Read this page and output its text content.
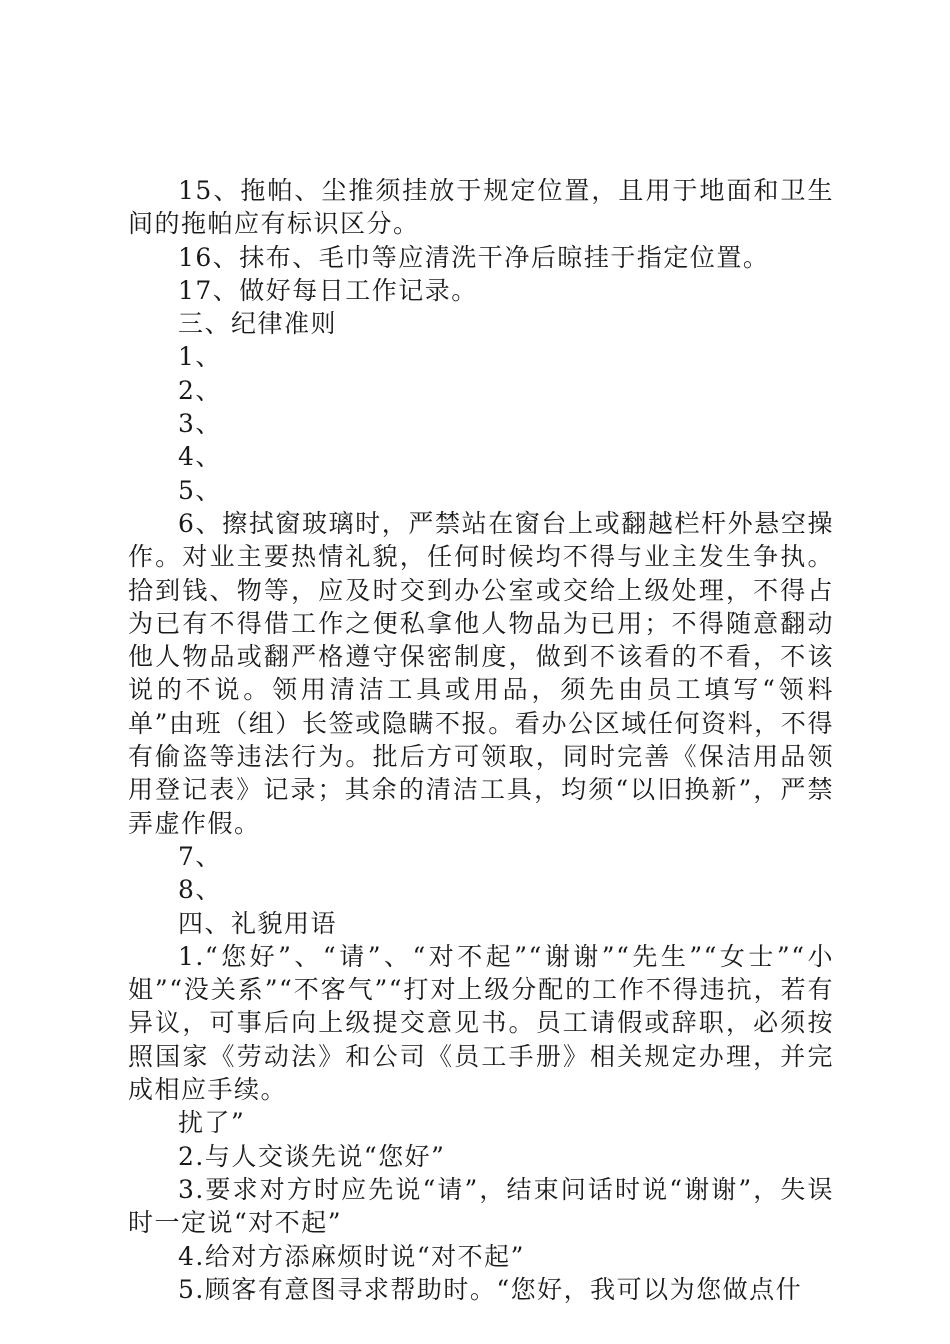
15、拖帕、尘推须挂放于规定位置，且用于地面和卫生间的拖帕应有标识区分。

16、抹布、毛巾等应清洗干净后晾挂于指定位置。

17、做好每日工作记录。

三、纪律准则

1、

2、

3、

4、

5、

6、擦拭窗玻璃时，严禁站在窗台上或翻越栏杆外悬空操作。对业主要热情礼貌，任何时候均不得与业主发生争执。拾到钱、物等，应及时交到办公室或交给上级处理，不得占为已有不得借工作之便私拿他人物品为已用；不得随意翻动他人物品或翻严格遵守保密制度，做到不该看的不看，不该说的不说。领用清洁工具或用品，须先由员工填写“领料单”由班（组）长签或隐瞒不报。看办公区域任何资料，不得有偷盗等违法行为。批后方可领取，同时完善《保洁用品领用登记表》记录；其余的清洁工具，均须“以旧换新”，严禁弄虚作假。

7、

8、

四、礼貌用语

1.“您好”、“请”、“对不起”“谢谢”“先生”“女士”“小姐”“没关系”“不客气”“打对上级分配的工作不得违抗，若有异议，可事后向上级提交意见书。员工请假或辞职，必须按照国家《劳动法》和公司《员工手册》相关规定办理，并完成相应手续。

扰了”

2.与人交谈先说“您好”

3.要求对方时应先说“请”，结束问话时说“谢谢”，失误时一定说“对不起”

4.给对方添麻烦时说“对不起”

5.顾客有意图寻求帮助时。“您好，我可以为您做点什
